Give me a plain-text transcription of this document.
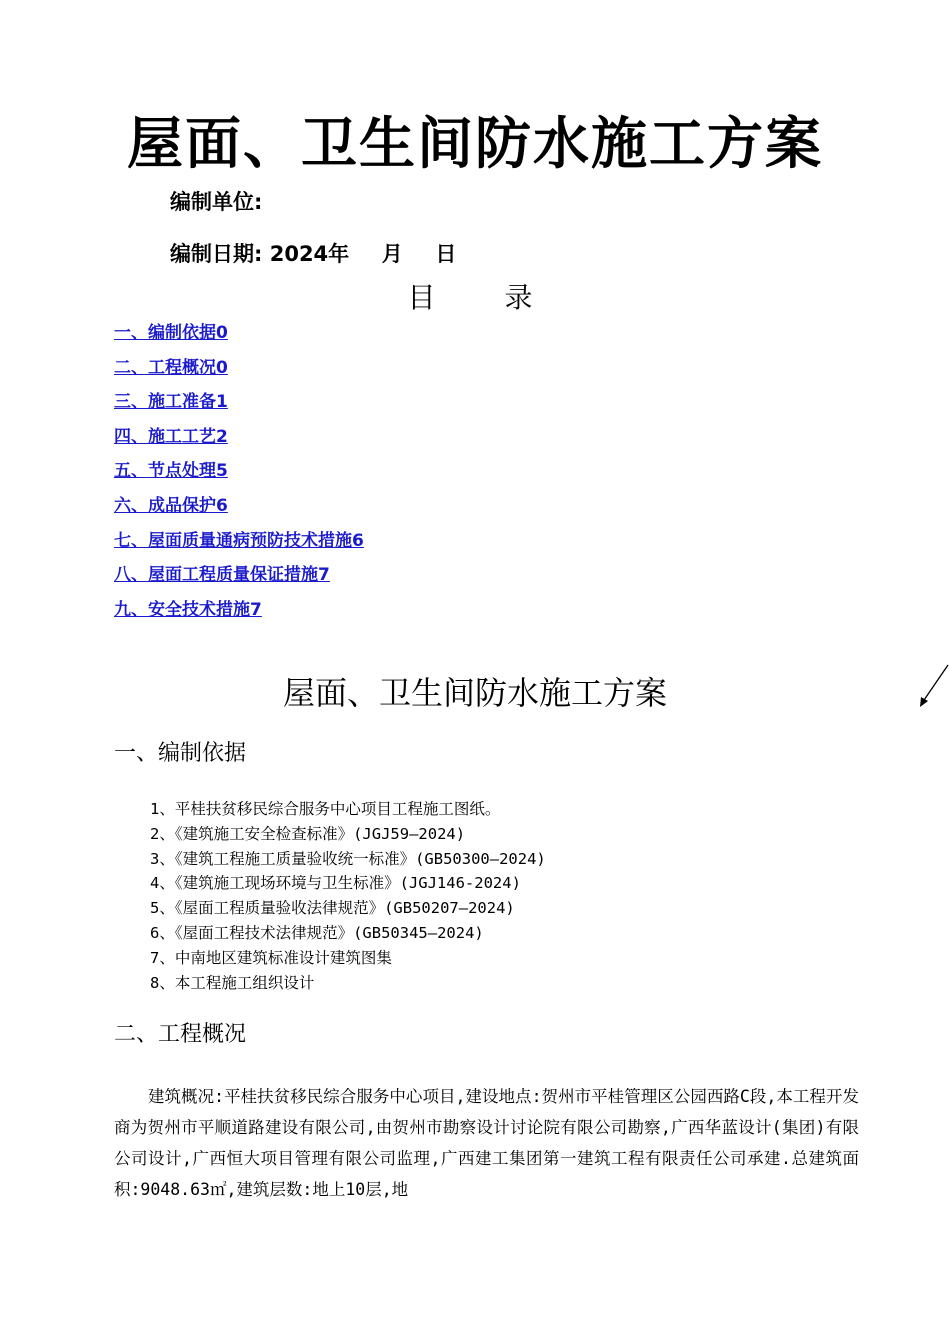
屋面、卫生间防水施工方案
编制单位:
编制日期: 2024年 月 日
目 录
一、编制依据0
二、工程概况0
三、施工准备1
四、施工工艺2
五、节点处理5
六、成品保护6
七、屋面质量通病预防技术措施6
八、屋面工程质量保证措施7
九、安全技术措施7
屋面、卫生间防水施工方案
一、编制依据
1、平桂扶贫移民综合服务中心项目工程施工图纸。
2、《建筑施工安全检查标准》(JGJ59—2024)
3、《建筑工程施工质量验收统一标准》(GB50300—2024)
4、《建筑施工现场环境与卫生标准》(JGJ146-2024)
5、《屋面工程质量验收法律规范》(GB50207—2024)
6、《屋面工程技术法律规范》(GB50345—2024)
7、中南地区建筑标准设计建筑图集
8、本工程施工组织设计
二、工程概况

建筑概况:平桂扶贫移民综合服务中心项目,建设地点:贺州市平桂管理区公园西路C段,本工程开发商为贺州市平顺道路建设有限公司,由贺州市勘察设计讨论院有限公司勘察,广西华蓝设计(集团)有限公司设计,广西恒大项目管理有限公司监理,广西建工集团第一建筑工程有限责任公司承建.总建筑面积:9048.63㎡,建筑层数:地上10层,地
